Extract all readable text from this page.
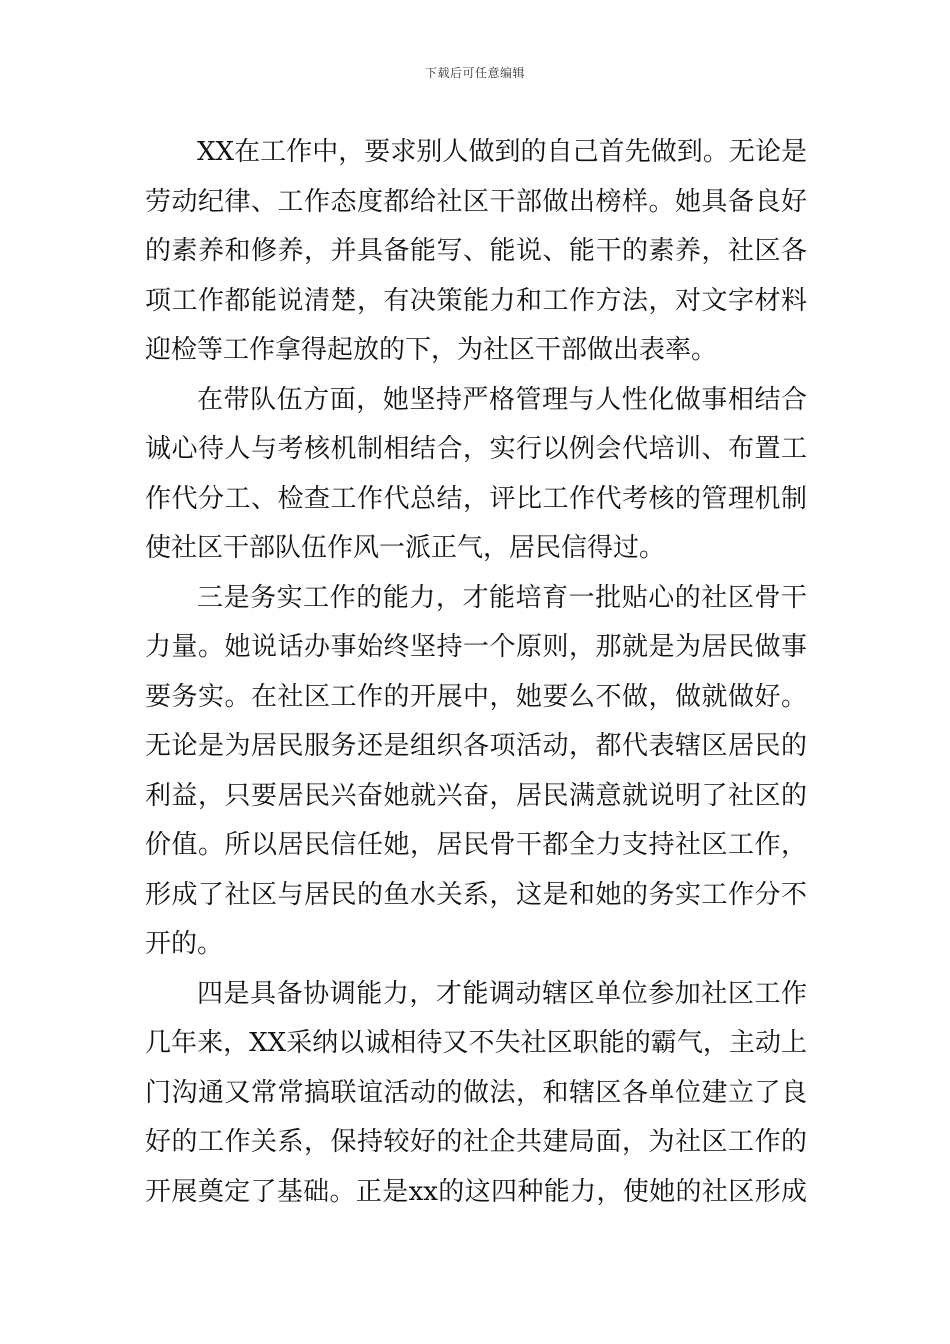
下载后可任意编辑
XX在工作中，要求别人做到的自己首先做到。无论是
劳动纪律、工作态度都给社区干部做出榜样。她具备良好
的素养和修养，并具备能写、能说、能干的素养，社区各
项工作都能说清楚，有决策能力和工作方法，对文字材料
迎检等工作拿得起放的下，为社区干部做出表率。
在带队伍方面，她坚持严格管理与人性化做事相结合
诚心待人与考核机制相结合，实行以例会代培训、布置工
作代分工、检查工作代总结，评比工作代考核的管理机制
使社区干部队伍作风一派正气，居民信得过。
三是务实工作的能力，才能培育一批贴心的社区骨干
力量。她说话办事始终坚持一个原则，那就是为居民做事
要务实。在社区工作的开展中，她要么不做，做就做好。
无论是为居民服务还是组织各项活动，都代表辖区居民的
利益，只要居民兴奋她就兴奋，居民满意就说明了社区的
价值。所以居民信任她，居民骨干都全力支持社区工作，
形成了社区与居民的鱼水关系，这是和她的务实工作分不
开的。
四是具备协调能力，才能调动辖区单位参加社区工作
几年来，XX采纳以诚相待又不失社区职能的霸气，主动上
门沟通又常常搞联谊活动的做法，和辖区各单位建立了良
好的工作关系，保持较好的社企共建局面，为社区工作的
开展奠定了基础。正是xx的这四种能力，使她的社区形成
